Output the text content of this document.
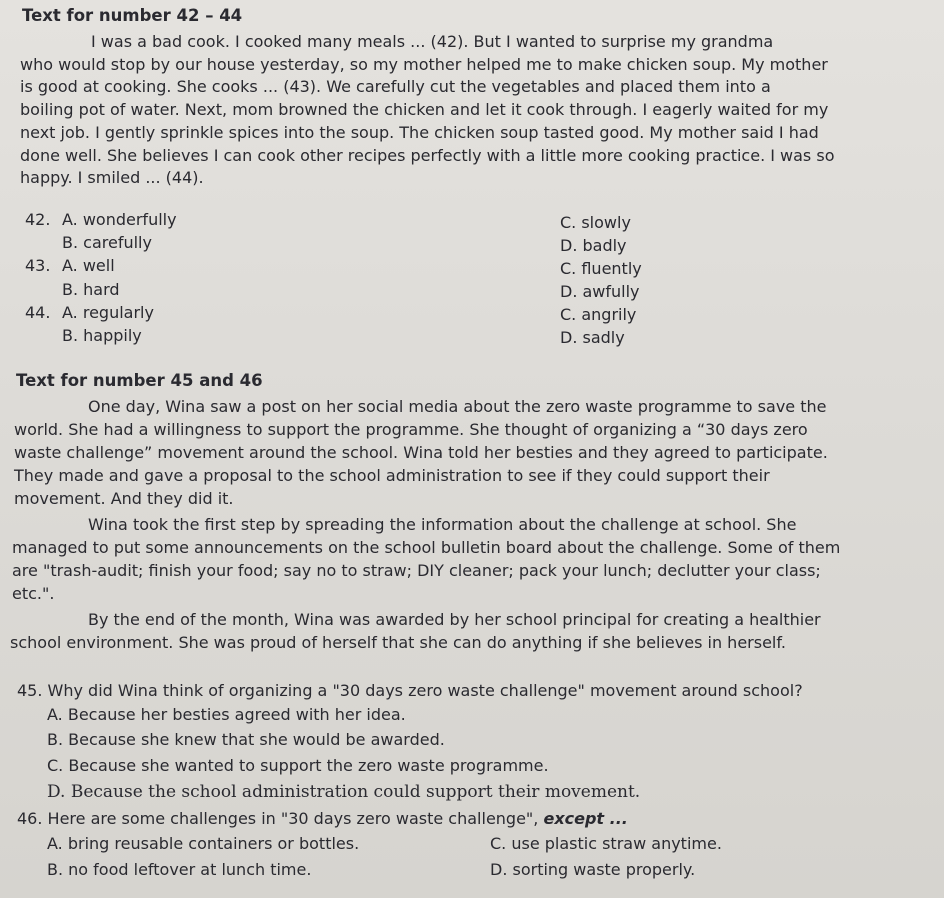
Text for number 42 – 44
I was a bad cook. I cooked many meals ... (42). But I wanted to surprise my grandma
who would stop by our house yesterday, so my mother helped me to make chicken soup. My mother
is good at cooking. She cooks ... (43). We carefully cut the vegetables and placed them into a
boiling pot of water. Next, mom browned the chicken and let it cook through. I eagerly waited for my
next job. I gently sprinkle spices into the soup. The chicken soup tasted good. My mother said I had
done well. She believes I can cook other recipes perfectly with a little more cooking practice. I was so
happy. I smiled ... (44).
42. A. wonderfully	C. slowly
B. carefully	D. badly
43. A. well	C. fluently
B. hard	D. awfully
44. A. regularly	C. angrily
B. happily	D. sadly
Text for number 45 and 46
One day, Wina saw a post on her social media about the zero waste programme to save the
world. She had a willingness to support the programme. She thought of organizing a “30 days zero
waste challenge” movement around the school. Wina told her besties and they agreed to participate.
They made and gave a proposal to the school administration to see if they could support their
movement. And they did it.
Wina took the first step by spreading the information about the challenge at school. She
managed to put some announcements on the school bulletin board about the challenge. Some of them
are "trash-audit; finish your food; say no to straw; DIY cleaner; pack your lunch; declutter your class;
etc.".
By the end of the month, Wina was awarded by her school principal for creating a healthier
school environment. She was proud of herself that she can do anything if she believes in herself.
45. Why did Wina think of organizing a "30 days zero waste challenge" movement around school?
A. Because her besties agreed with her idea.
B. Because she knew that she would be awarded.
C. Because she wanted to support the zero waste programme.
D. Because the school administration could support their movement.
46. Here are some challenges in "30 days zero waste challenge", except ...
A. bring reusable containers or bottles.	C. use plastic straw anytime.
B. no food leftover at lunch time.	D. sorting waste properly.
